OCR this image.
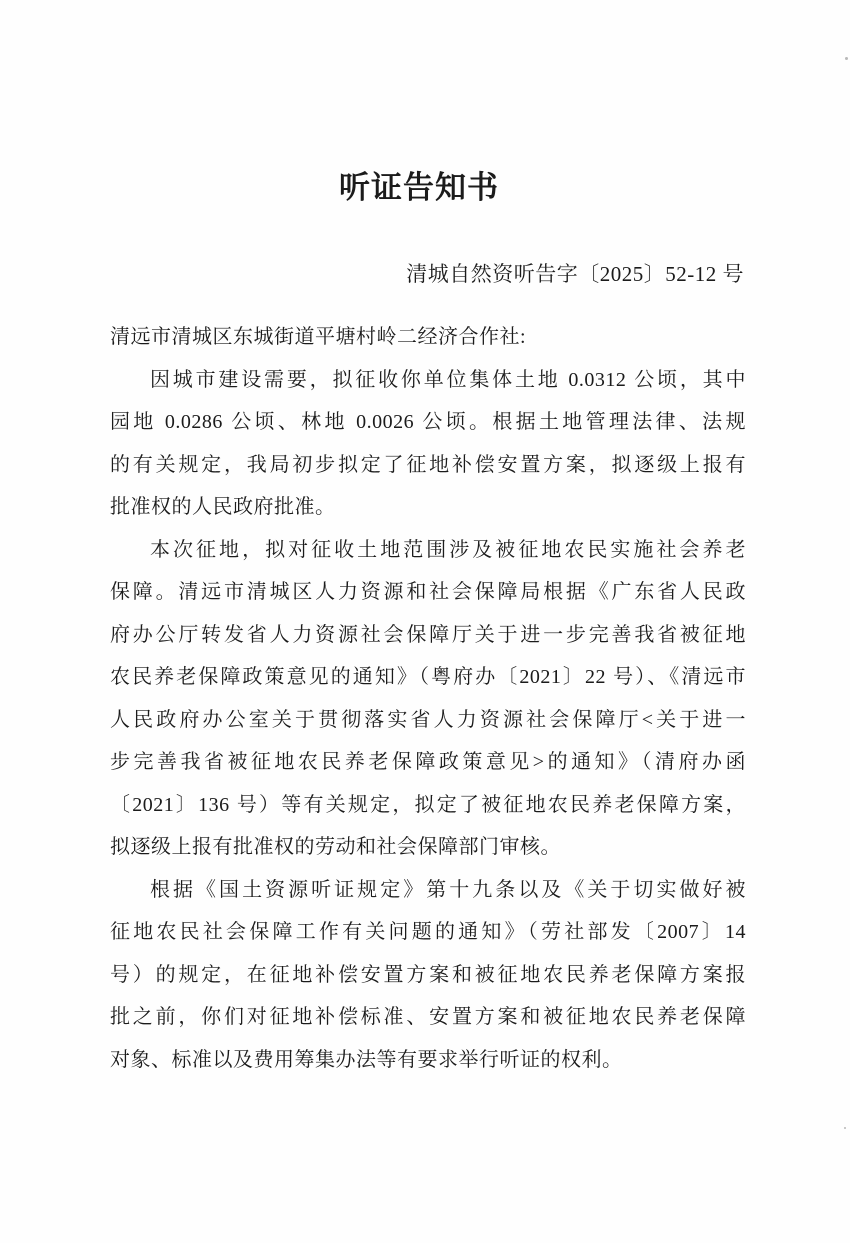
听证告知书
清城自然资听告字〔2025〕52-12 号
清远市清城区东城街道平塘村岭二经济合作社:
因城市建设需要，拟征收你单位集体土地 0.0312 公顷，其中
园地 0.0286 公顷、林地 0.0026 公顷。根据土地管理法律、法规
的有关规定，我局初步拟定了征地补偿安置方案，拟逐级上报有
批准权的人民政府批准。
本次征地，拟对征收土地范围涉及被征地农民实施社会养老
保障。清远市清城区人力资源和社会保障局根据《广东省人民政
府办公厅转发省人力资源社会保障厅关于进一步完善我省被征地
农民养老保障政策意见的通知》（粤府办〔2021〕22 号）、《清远市
人民政府办公室关于贯彻落实省人力资源社会保障厅<关于进一
步完善我省被征地农民养老保障政策意见>的通知》（清府办函
〔2021〕136 号）等有关规定，拟定了被征地农民养老保障方案，
拟逐级上报有批准权的劳动和社会保障部门审核。
根据《国土资源听证规定》第十九条以及《关于切实做好被
征地农民社会保障工作有关问题的通知》（劳社部发〔2007〕14
号）的规定，在征地补偿安置方案和被征地农民养老保障方案报
批之前，你们对征地补偿标准、安置方案和被征地农民养老保障
对象、标准以及费用筹集办法等有要求举行听证的权利。
